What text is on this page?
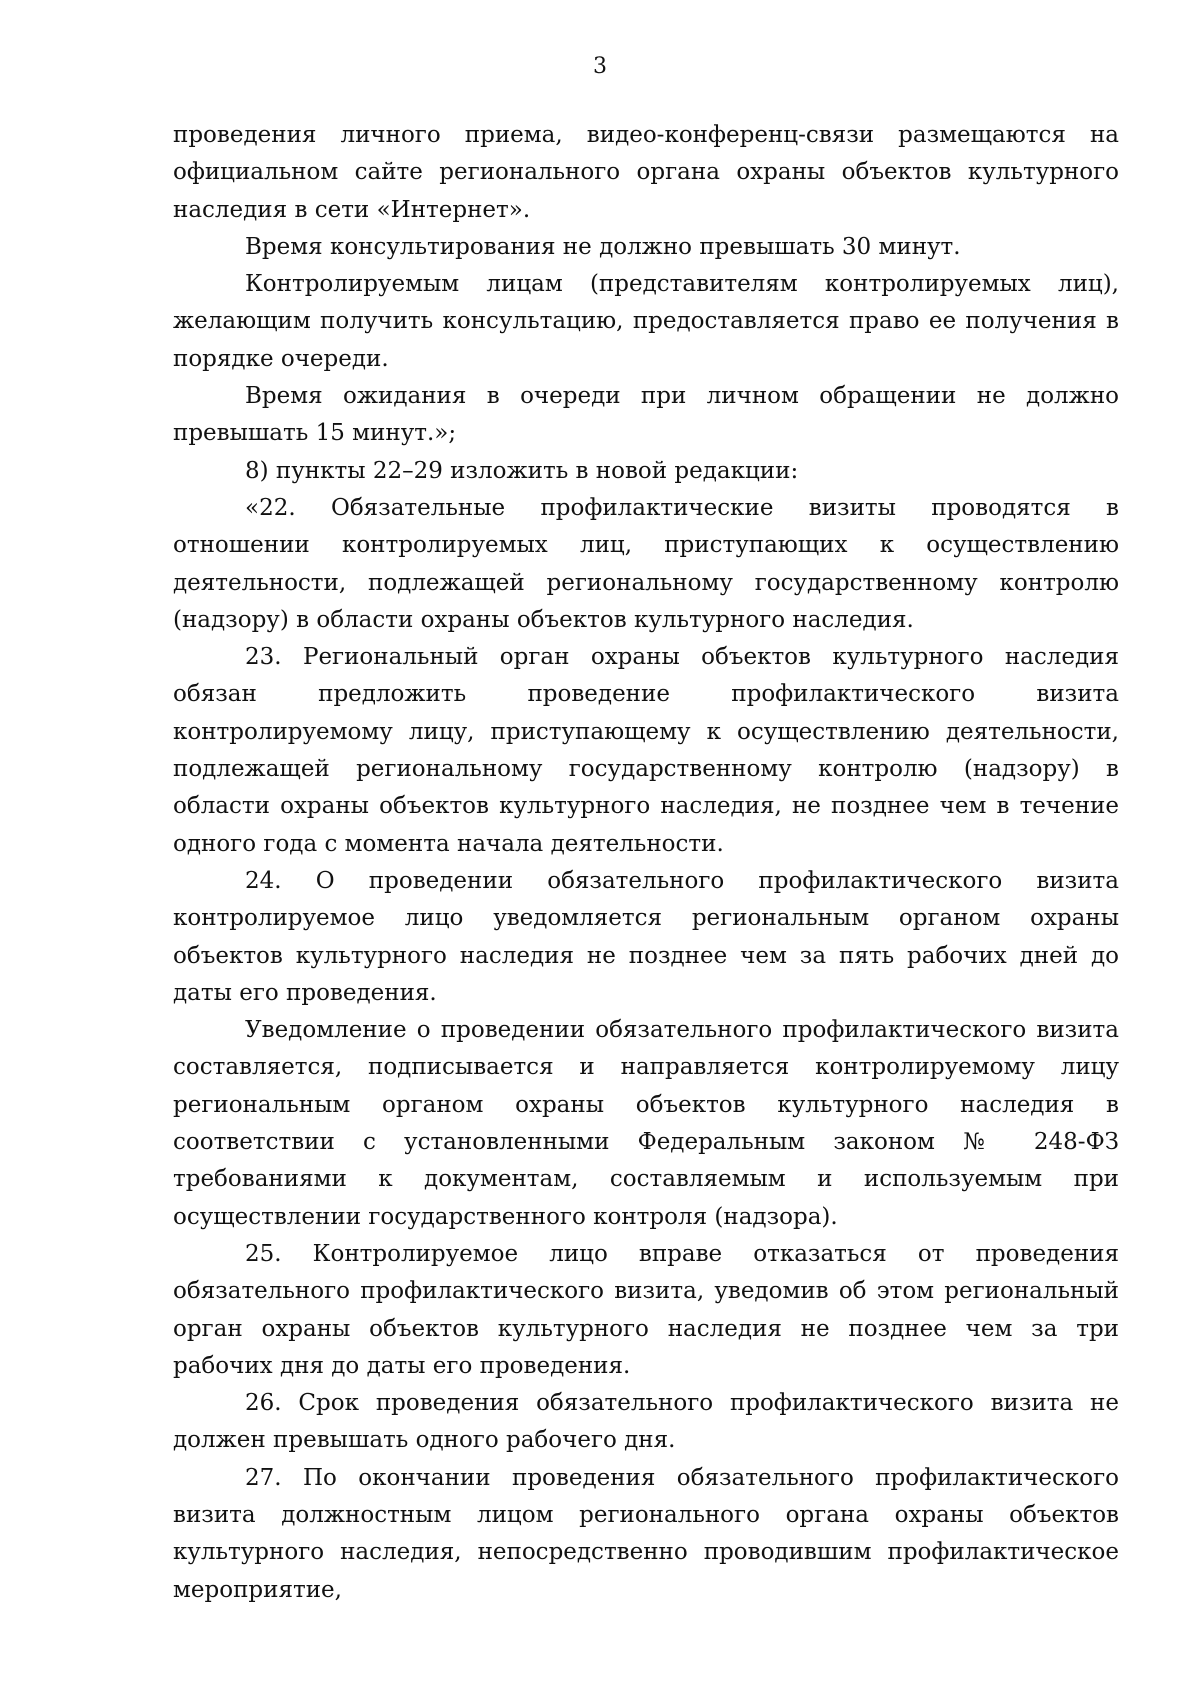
3

проведения личного приема, видео-конференц-связи размещаются на официальном сайте регионального органа охраны объектов культурного наследия в сети «Интернет».

Время консультирования не должно превышать 30 минут.

Контролируемым лицам (представителям контролируемых лиц), желающим получить консультацию, предоставляется право ее получения в порядке очереди.

Время ожидания в очереди при личном обращении не должно превышать 15 минут.»;

8) пункты 22–29 изложить в новой редакции:

«22. Обязательные профилактические визиты проводятся в отношении контролируемых лиц, приступающих к осуществлению деятельности, подлежащей региональному государственному контролю (надзору) в области охраны объектов культурного наследия.

23. Региональный орган охраны объектов культурного наследия обязан предложить проведение профилактического визита контролируемому лицу, приступающему к осуществлению деятельности, подлежащей региональному государственному контролю (надзору) в области охраны объектов культурного наследия, не позднее чем в течение одного года с момента начала деятельности.

24. О проведении обязательного профилактического визита контролируемое лицо уведомляется региональным органом охраны объектов культурного наследия не позднее чем за пять рабочих дней до даты его проведения.

Уведомление о проведении обязательного профилактического визита составляется, подписывается и направляется контролируемому лицу региональным органом охраны объектов культурного наследия в соответствии с установленными Федеральным законом № 248-ФЗ требованиями к документам, составляемым и используемым при осуществлении государственного контроля (надзора).

25. Контролируемое лицо вправе отказаться от проведения обязательного профилактического визита, уведомив об этом региональный орган охраны объектов культурного наследия не позднее чем за три рабочих дня до даты его проведения.

26. Срок проведения обязательного профилактического визита не должен превышать одного рабочего дня.

27. По окончании проведения обязательного профилактического визита должностным лицом регионального органа охраны объектов культурного наследия, непосредственно проводившим профилактическое мероприятие,
